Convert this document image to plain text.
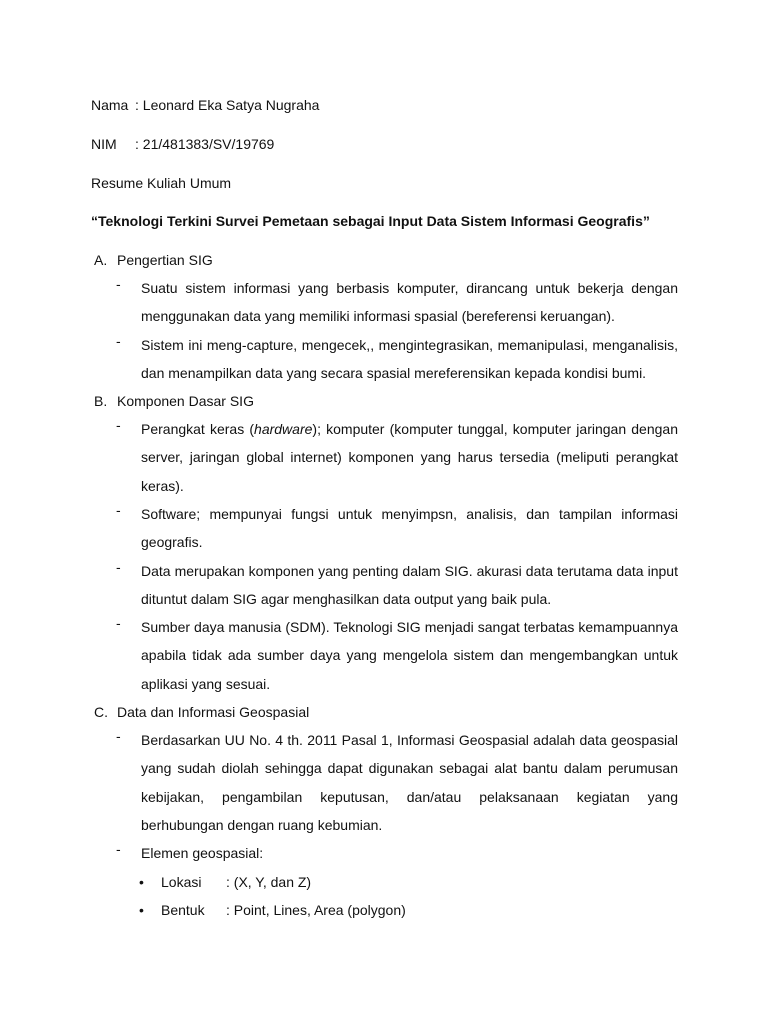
Nama : Leonard Eka Satya Nugraha
NIM : 21/481383/SV/19769
Resume Kuliah Umum
“Teknologi Terkini Survei Pemetaan sebagai Input Data Sistem Informasi Geografis”
A. Pengertian SIG
- Suatu sistem informasi yang berbasis komputer, dirancang untuk bekerja dengan menggunakan data yang memiliki informasi spasial (bereferensi keruangan).
- Sistem ini meng-capture, mengecek,, mengintegrasikan, memanipulasi, menganalisis, dan menampilkan data yang secara spasial mereferensikan kepada kondisi bumi.
B. Komponen Dasar SIG
- Perangkat keras (hardware); komputer (komputer tunggal, komputer jaringan dengan server, jaringan global internet) komponen yang harus tersedia (meliputi perangkat keras).
- Software; mempunyai fungsi untuk menyimpsn, analisis, dan tampilan informasi geografis.
- Data merupakan komponen yang penting dalam SIG. akurasi data terutama data input dituntut dalam SIG agar menghasilkan data output yang baik pula.
- Sumber daya manusia (SDM). Teknologi SIG menjadi sangat terbatas kemampuannya apabila tidak ada sumber daya yang mengelola sistem dan mengembangkan untuk aplikasi yang sesuai.
C. Data dan Informasi Geospasial
- Berdasarkan UU No. 4 th. 2011 Pasal 1, Informasi Geospasial adalah data geospasial yang sudah diolah sehingga dapat digunakan sebagai alat bantu dalam perumusan kebijakan, pengambilan keputusan, dan/atau pelaksanaan kegiatan yang berhubungan dengan ruang kebumian.
- Elemen geospasial:
• Lokasi : (X, Y, dan Z)
• Bentuk : Point, Lines, Area (polygon)
